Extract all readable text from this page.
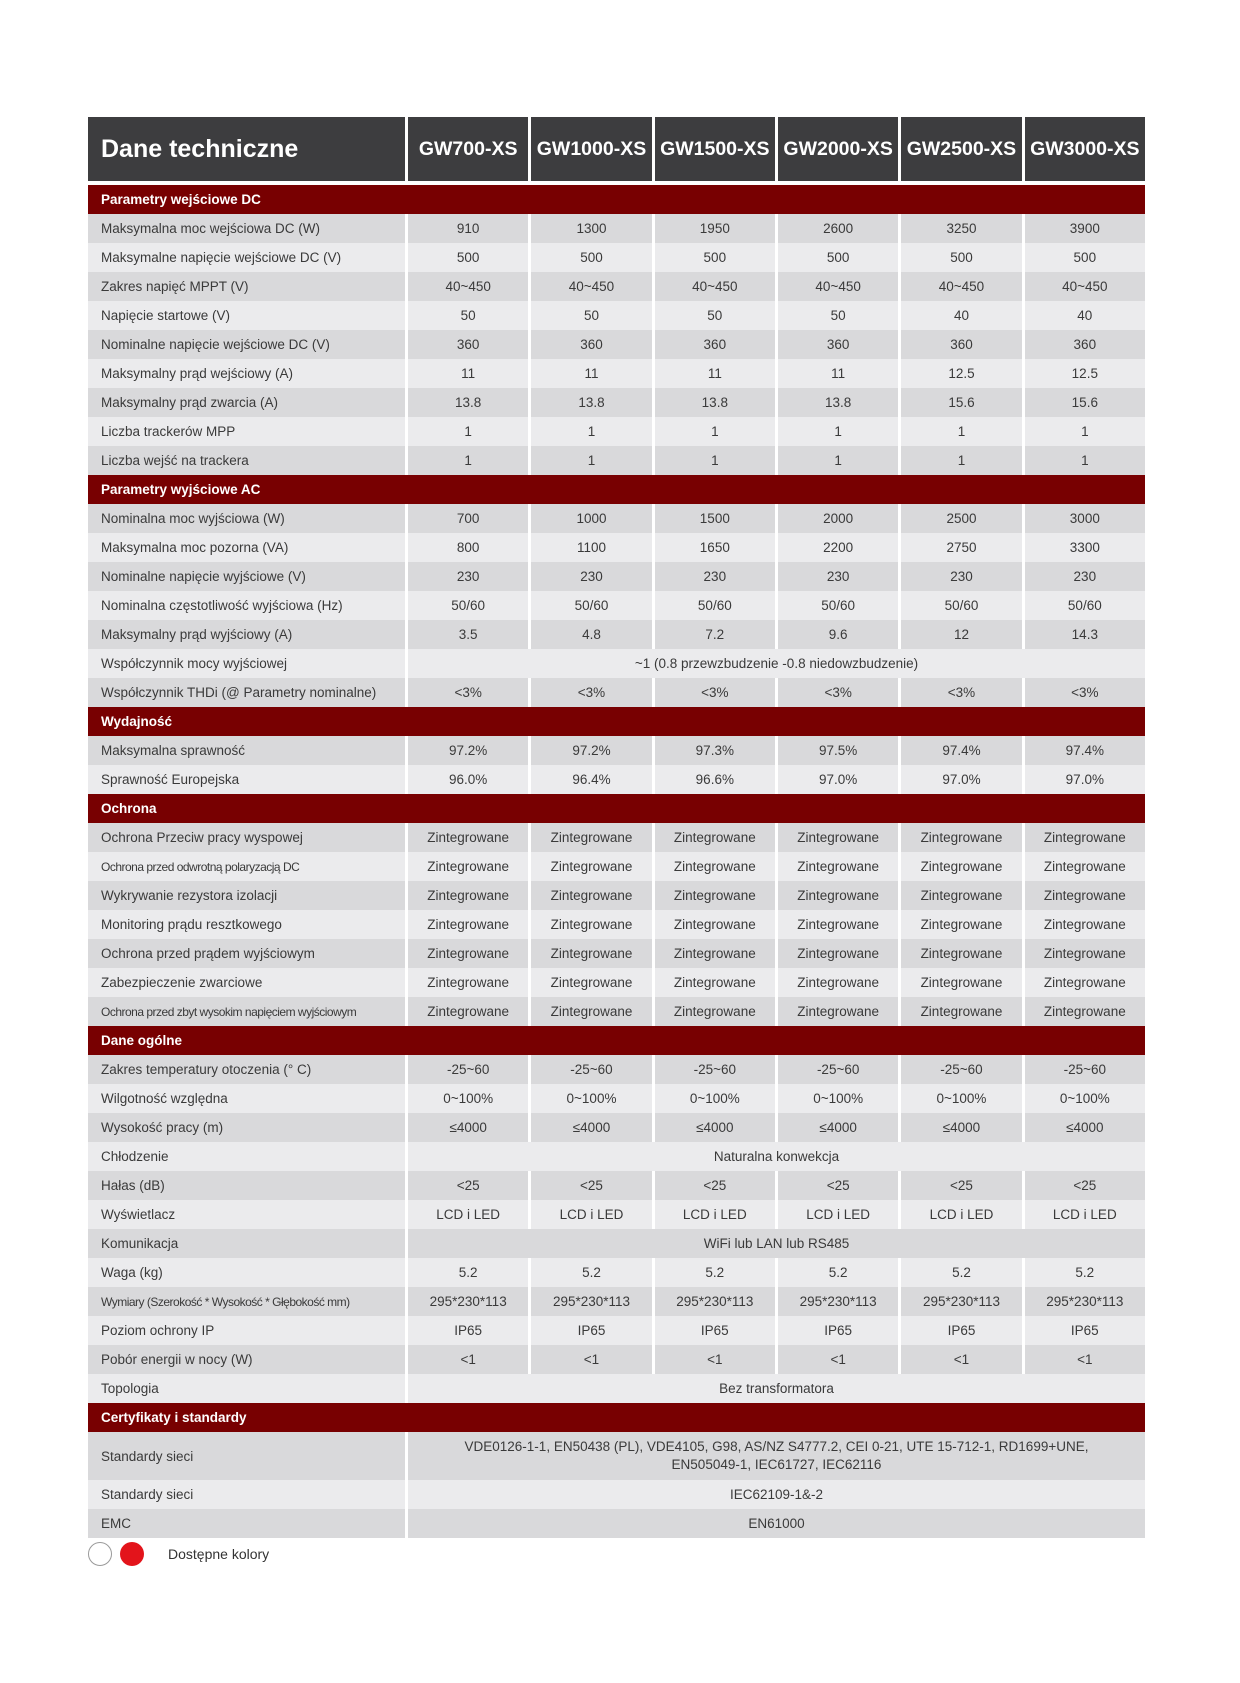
Dane techniczne	GW700-XS	GW1000-XS	GW1500-XS	GW2000-XS	GW2500-XS	GW3000-XS

Parametry wejściowe DC						
Maksymalna moc wejściowa DC (W)	910	1300	1950	2600	3250	3900
Maksymalne napięcie wejściowe DC (V)	500	500	500	500	500	500
Zakres napięć MPPT (V)	40~450	40~450	40~450	40~450	40~450	40~450
Napięcie startowe (V)	50	50	50	50	40	40
Nominalne napięcie wejściowe DC (V)	360	360	360	360	360	360
Maksymalny prąd wejściowy (A)	11	11	11	11	12.5	12.5
Maksymalny prąd zwarcia (A)	13.8	13.8	13.8	13.8	15.6	15.6
Liczba trackerów MPP	1	1	1	1	1	1
Liczba wejść na trackera	1	1	1	1	1	1
Parametry wyjściowe AC						
Nominalna moc wyjściowa (W)	700	1000	1500	2000	2500	3000
Maksymalna moc pozorna (VA)	800	1100	1650	2200	2750	3300
Nominalne napięcie wyjściowe (V)	230	230	230	230	230	230
Nominalna częstotliwość wyjściowa (Hz)	50/60	50/60	50/60	50/60	50/60	50/60
Maksymalny prąd wyjściowy (A)	3.5	4.8	7.2	9.6	12	14.3
Współczynnik mocy wyjściowej	~1 (0.8 przewzbudzenie -0.8 niedowzbudzenie)					
Współczynnik THDi (@ Parametry nominalne)	<3%	<3%	<3%	<3%	<3%	<3%
Wydajność						
Maksymalna sprawność	97.2%	97.2%	97.3%	97.5%	97.4%	97.4%
Sprawność Europejska	96.0%	96.4%	96.6%	97.0%	97.0%	97.0%
Ochrona						
Ochrona Przeciw pracy wyspowej	Zintegrowane	Zintegrowane	Zintegrowane	Zintegrowane	Zintegrowane	Zintegrowane
Ochrona przed odwrotną polaryzacją DC	Zintegrowane	Zintegrowane	Zintegrowane	Zintegrowane	Zintegrowane	Zintegrowane
Wykrywanie rezystora izolacji	Zintegrowane	Zintegrowane	Zintegrowane	Zintegrowane	Zintegrowane	Zintegrowane
Monitoring prądu resztkowego	Zintegrowane	Zintegrowane	Zintegrowane	Zintegrowane	Zintegrowane	Zintegrowane
Ochrona przed prądem wyjściowym	Zintegrowane	Zintegrowane	Zintegrowane	Zintegrowane	Zintegrowane	Zintegrowane
Zabezpieczenie zwarciowe	Zintegrowane	Zintegrowane	Zintegrowane	Zintegrowane	Zintegrowane	Zintegrowane
Ochrona przed zbyt wysokim napięciem wyjściowym	Zintegrowane	Zintegrowane	Zintegrowane	Zintegrowane	Zintegrowane	Zintegrowane
Dane ogólne						
Zakres temperatury otoczenia (° C)	-25~60	-25~60	-25~60	-25~60	-25~60	-25~60
Wilgotność względna	0~100%	0~100%	0~100%	0~100%	0~100%	0~100%
Wysokość pracy (m)	≤4000	≤4000	≤4000	≤4000	≤4000	≤4000
Chłodzenie	Naturalna konwekcja					
Hałas (dB)	<25	<25	<25	<25	<25	<25
Wyświetlacz	LCD i LED	LCD i LED	LCD i LED	LCD i LED	LCD i LED	LCD i LED
Komunikacja	WiFi lub LAN lub RS485					
Waga (kg)	5.2	5.2	5.2	5.2	5.2	5.2
Wymiary (Szerokość * Wysokość * Głębokość mm)	295*230*113	295*230*113	295*230*113	295*230*113	295*230*113	295*230*113
Poziom ochrony IP	IP65	IP65	IP65	IP65	IP65	IP65
Pobór energii w nocy (W)	<1	<1	<1	<1	<1	<1
Topologia	Bez transformatora					
Certyfikaty i standardy						
Standardy sieci	VDE0126-1-1, EN50438 (PL), VDE4105, G98, AS/NZ S4777.2, CEI 0-21, UTE 15-712-1, RD1699+UNE, EN505049-1, IEC61727, IEC62116					
Standardy sieci	IEC62109-1&-2					
EMC	EN61000					
Dostępne kolory
